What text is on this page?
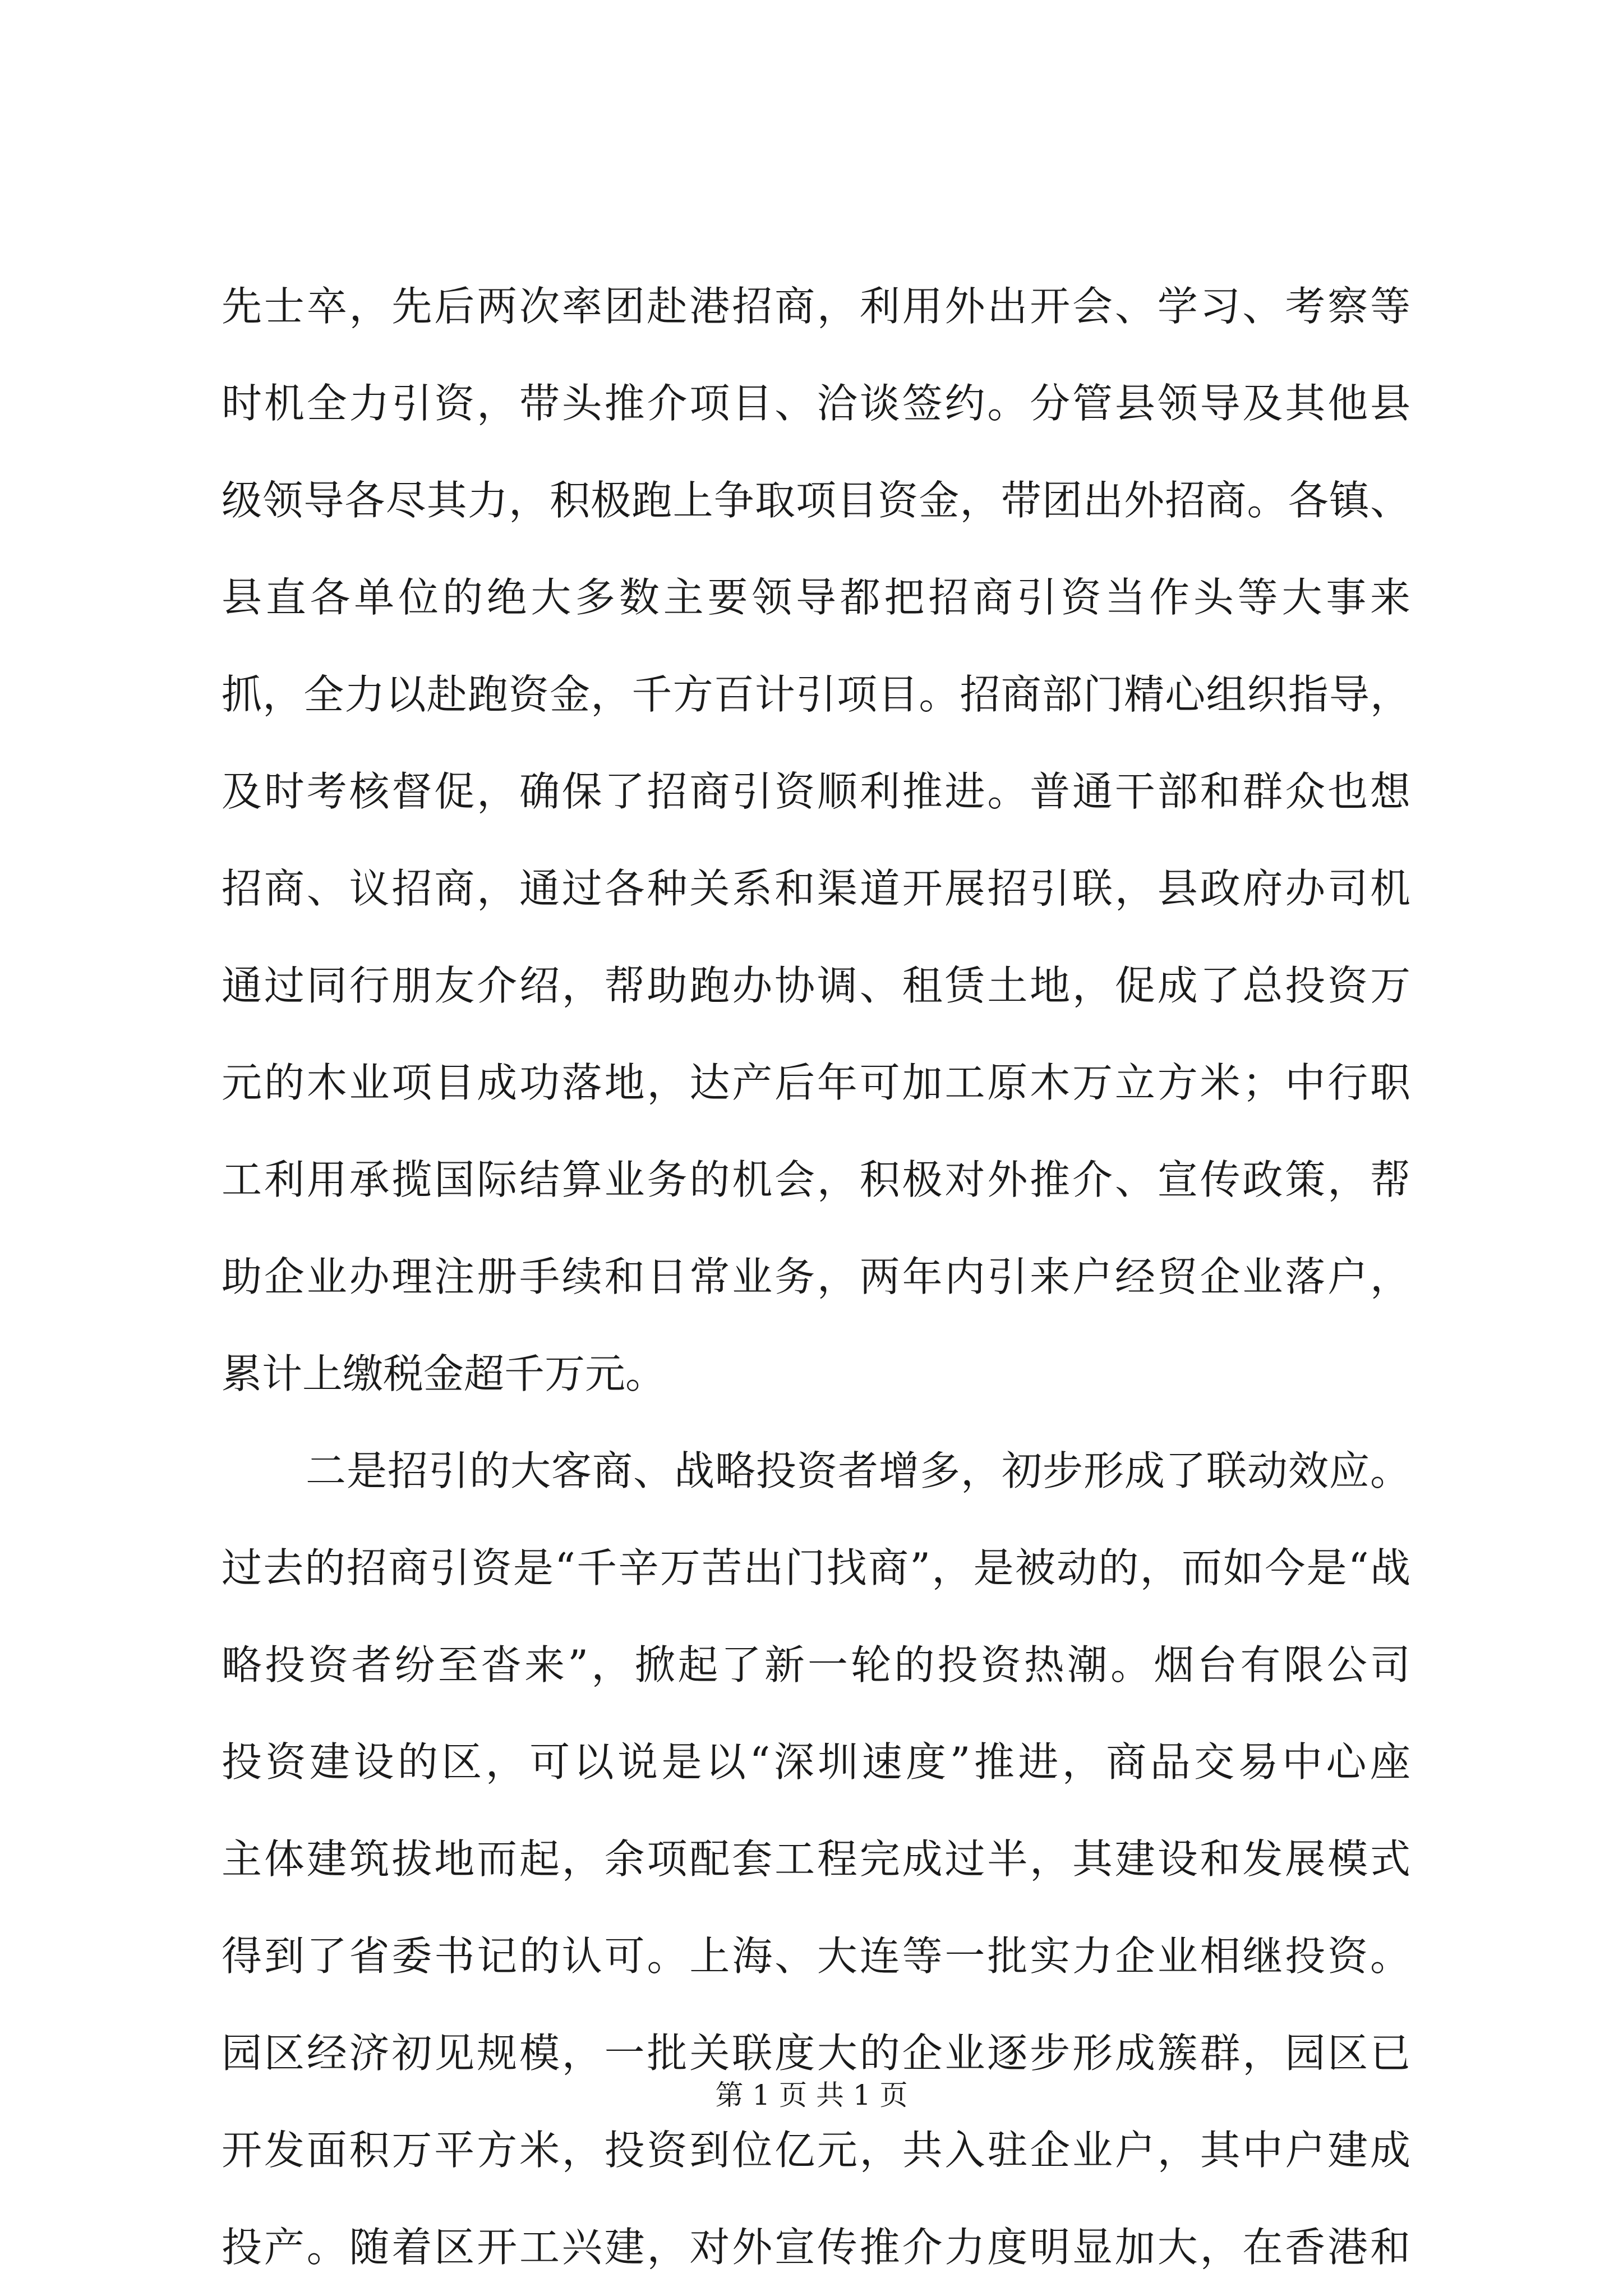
先士卒，先后两次率团赴港招商，利用外出开会、学习、考察等
时机全力引资，带头推介项目、洽谈签约。分管县领导及其他县
级领导各尽其力，积极跑上争取项目资金，带团出外招商。各镇、
县直各单位的绝大多数主要领导都把招商引资当作头等大事来
抓，全力以赴跑资金，千方百计引项目。招商部门精心组织指导，
及时考核督促，确保了招商引资顺利推进。普通干部和群众也想
招商、议招商，通过各种关系和渠道开展招引联，县政府办司机
通过同行朋友介绍，帮助跑办协调、租赁土地，促成了总投资万
元的木业项目成功落地，达产后年可加工原木万立方米；中行职
工利用承揽国际结算业务的机会，积极对外推介、宣传政策，帮
助企业办理注册手续和日常业务，两年内引来户经贸企业落户，
累计上缴税金超千万元。
二是招引的大客商、战略投资者增多，初步形成了联动效应。
过去的招商引资是“千辛万苦出门找商”，是被动的，而如今是“战
略投资者纷至沓来”，掀起了新一轮的投资热潮。烟台有限公司
投资建设的区，可以说是以“深圳速度”推进，商品交易中心座
主体建筑拔地而起，余项配套工程完成过半，其建设和发展模式
得到了省委书记的认可。上海、大连等一批实力企业相继投资。
园区经济初见规模，一批关联度大的企业逐步形成簇群，园区已
开发面积万平方米，投资到位亿元，共入驻企业户，其中户建成
投产。随着区开工兴建，对外宣传推介力度明显加大，在香港和
第 1 页 共 1 页
